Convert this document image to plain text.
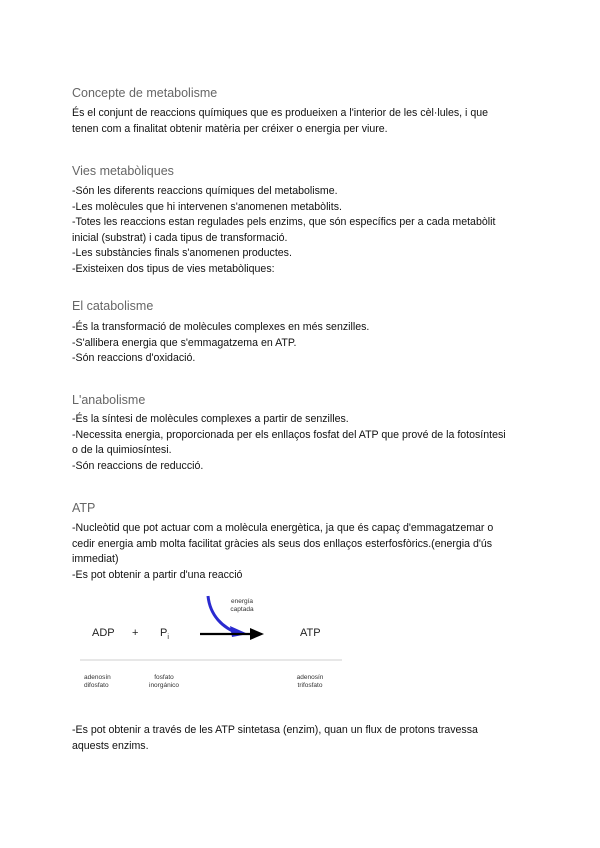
Concepte de metabolisme

És el conjunt de reaccions químiques que es produeixen a l'interior de les cèl·lules, i que

tenen com a finalitat obtenir matèria per créixer o energia per viure.

Vies metabòliques

-Són les diferents reaccions químiques del metabolisme.

-Les molècules que hi intervenen s'anomenen metabòlits.

-Totes les reaccions estan regulades pels enzims, que són específics per a cada metabòlit

inicial (substrat) i cada tipus de transformació.

-Les substàncies finals s'anomenen productes.

-Existeixen dos tipus de vies metabòliques:

El catabolisme

-És la transformació de molècules complexes en més senzilles.

-S'allibera energia que s'emmagatzema en ATP.

-Són reaccions d'oxidació.

L'anabolisme

-És la síntesi de molècules complexes a partir de senzilles.

-Necessita energia, proporcionada per els enllaços fosfat del ATP que prové de la fotosíntesi

o de la quimiosíntesi.

-Són reaccions de reducció.

ATP

-Nucleòtid que pot actuar com a molècula energètica, ja que és capaç d'emmagatzemar o

cedir energia amb molta facilitat gràcies als seus dos enllaços esterfosfòrics.(energia d'ús

immediat)

-Es pot obtenir a partir d'una reacció

ADP + $P_i$	ATP
energía
captada
adenosín
difosfato
fosfato
inorgánico
adenosín
trifosfato

-Es pot obtenir a través de les ATP sintetasa (enzim), quan un flux de protons travessa

aquests enzims.
